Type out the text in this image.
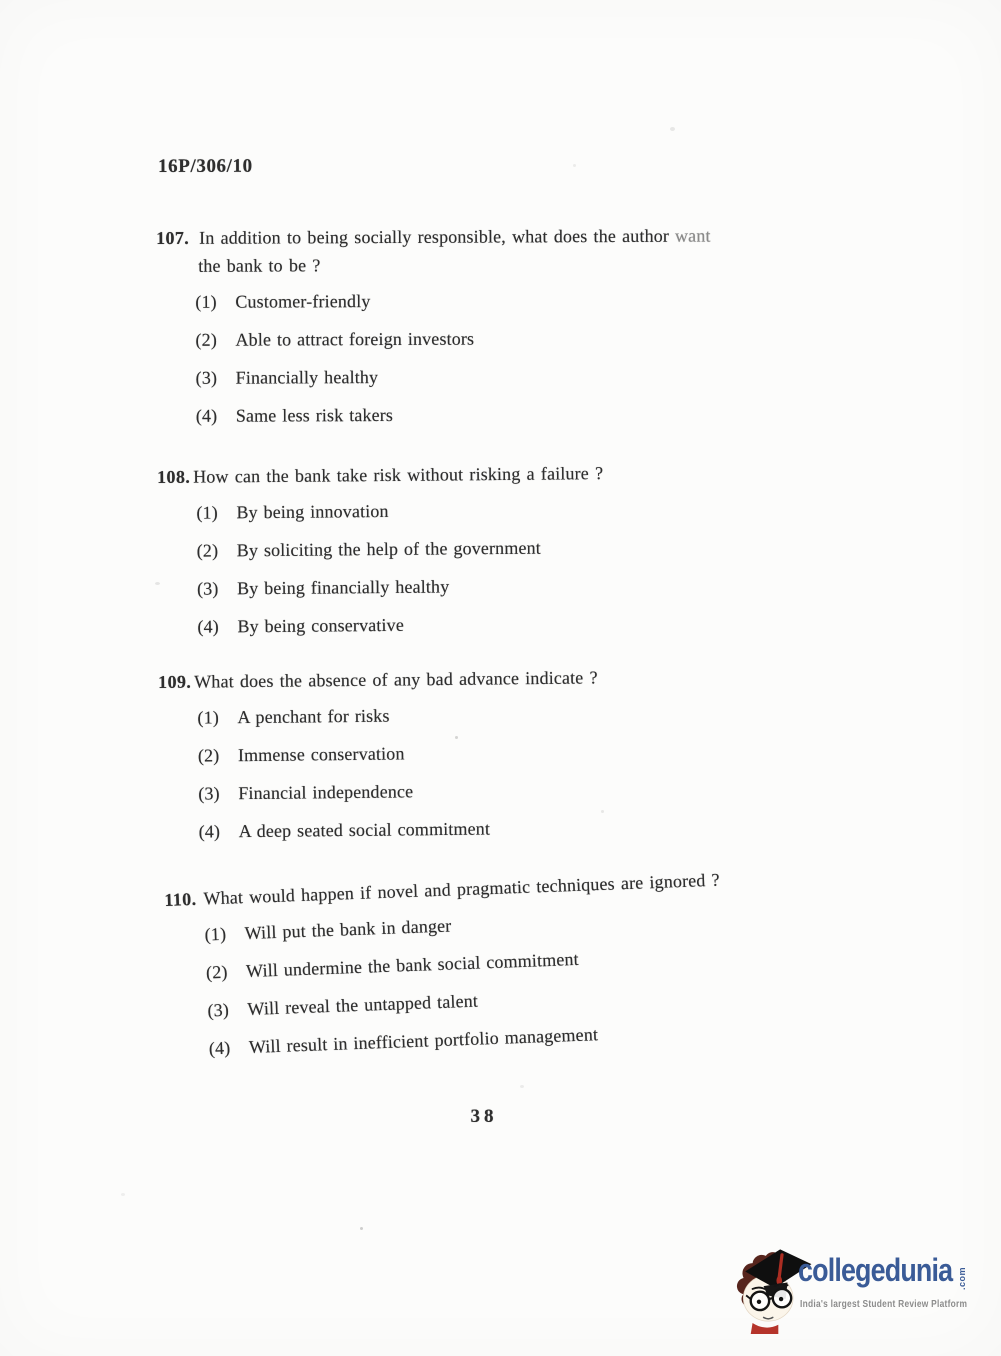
16P/306/10
107. In addition to being socially responsible, what does the author want
the bank to be ?
(1) Customer-friendly
(2) Able to attract foreign investors
(3) Financially healthy
(4) Same less risk takers
108. How can the bank take risk without risking a failure ?
(1) By being innovation
(2) By soliciting the help of the government
(3) By being financially healthy
(4) By being conservative
109. What does the absence of any bad advance indicate ?
(1) A penchant for risks
(2) Immense conservation
(3) Financial independence
(4) A deep seated social commitment
110. What would happen if novel and pragmatic techniques are ignored ?
(1) Will put the bank in danger
(2) Will undermine the bank social commitment
(3) Will reveal the untapped talent
(4) Will result in inefficient portfolio management
38
collegedunia .com
India's largest Student Review Platform
